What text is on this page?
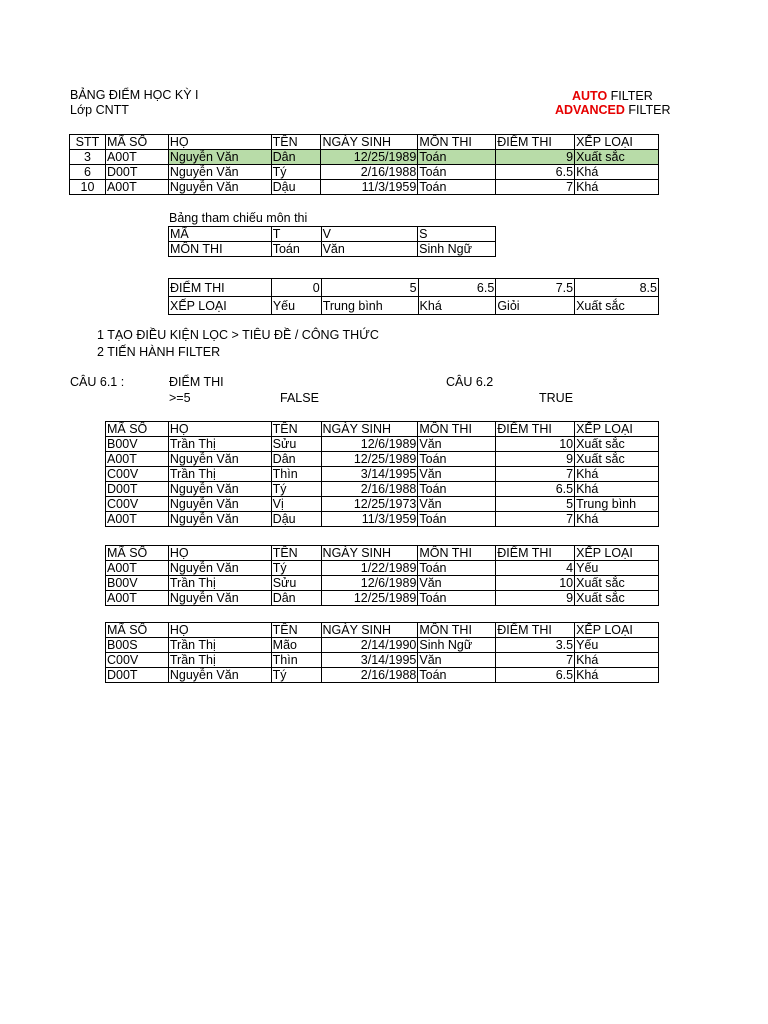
BẢNG ĐIỂM HỌC KỲ I
Lớp CNTT
AUTO FILTER
ADVANCED FILTER
STT	MÃ SỐ	HỌ	TÊN	NGÀY SINH	MÔN THI	ĐIỂM THI	XẾP LOẠI
3	A00T	Nguyễn Văn	Dân	12/25/1989	Toán	9	Xuất sắc
6	D00T	Nguyễn Văn	Tý	2/16/1988	Toán	6.5	Khá
10	A00T	Nguyễn Văn	Dậu	11/3/1959	Toán	7	Khá
Bảng tham chiếu môn thi
MÃ	T	V	S
MÔN THI	Toán	Văn	Sinh Ngữ
ĐIỂM THI	0	5	6.5	7.5	8.5
XẾP LOẠI	Yếu	Trung bình	Khá	Giỏi	Xuất sắc
1 TẠO ĐIỀU KIỆN LỌC > TIÊU ĐỀ / CÔNG THỨC
2 TIẾN HÀNH FILTER
CÂU 6.1 :	ĐIỂM THI
>=5	FALSE
CÂU 6.2
TRUE
MÃ SỐ	HỌ	TÊN	NGÀY SINH	MÔN THI	ĐIỂM THI	XẾP LOẠI
B00V	Trần Thị	Sửu	12/6/1989	Văn	10	Xuất sắc
A00T	Nguyễn Văn	Dân	12/25/1989	Toán	9	Xuất sắc
C00V	Trần Thị	Thìn	3/14/1995	Văn	7	Khá
D00T	Nguyễn Văn	Tý	2/16/1988	Toán	6.5	Khá
C00V	Nguyễn Văn	Vị	12/25/1973	Văn	5	Trung bình
A00T	Nguyễn Văn	Dậu	11/3/1959	Toán	7	Khá
MÃ SỐ	HỌ	TÊN	NGÀY SINH	MÔN THI	ĐIỂM THI	XẾP LOẠI
A00T	Nguyễn Văn	Tý	1/22/1989	Toán	4	Yếu
B00V	Trần Thị	Sửu	12/6/1989	Văn	10	Xuất sắc
A00T	Nguyễn Văn	Dân	12/25/1989	Toán	9	Xuất sắc
MÃ SỐ	HỌ	TÊN	NGÀY SINH	MÔN THI	ĐIỂM THI	XẾP LOẠI
B00S	Trần Thị	Mão	2/14/1990	Sinh Ngữ	3.5	Yếu
C00V	Trần Thị	Thìn	3/14/1995	Văn	7	Khá
D00T	Nguyễn Văn	Tý	2/16/1988	Toán	6.5	Khá
